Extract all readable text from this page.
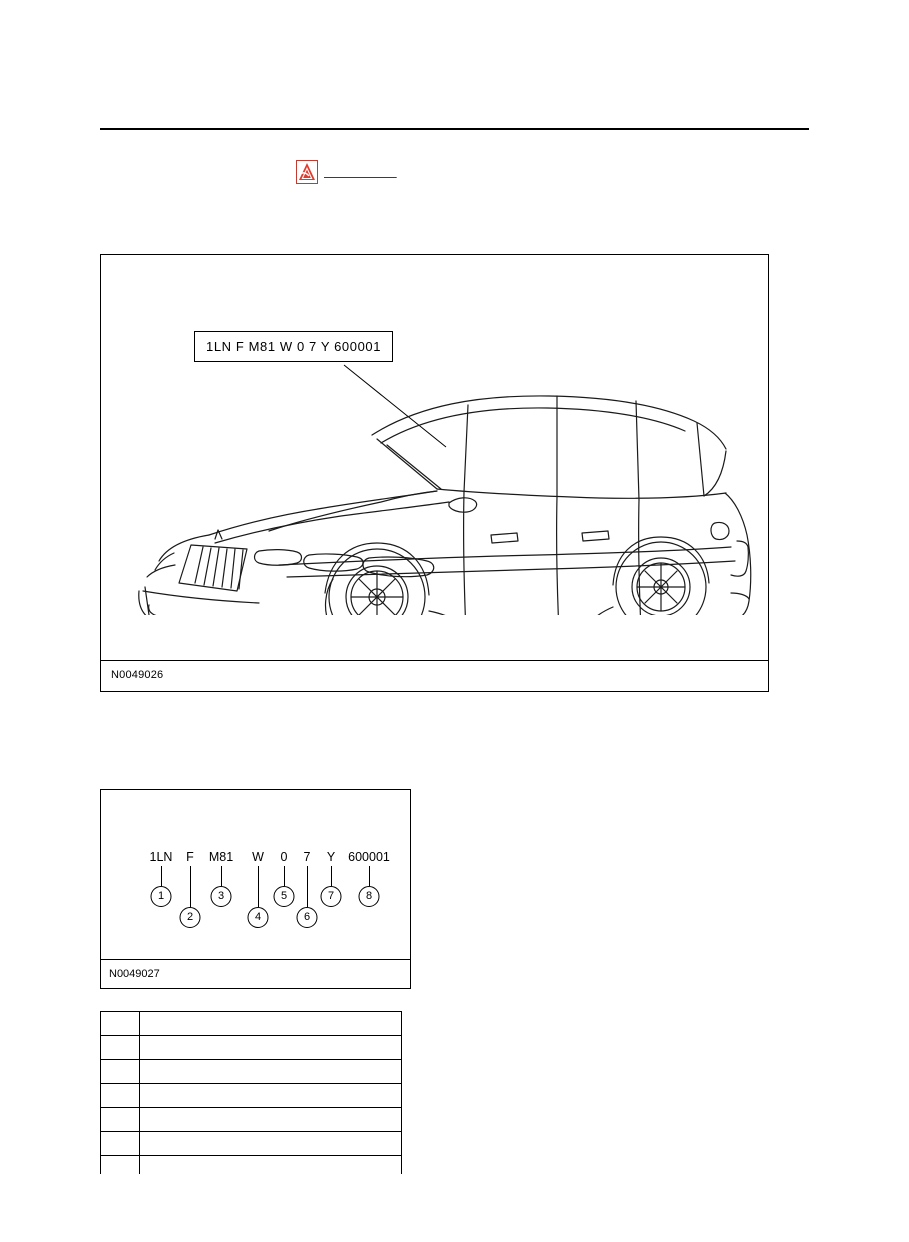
1LN F M81 W 0 7 Y 600001
N0049026
1LN F M81 W 0 7 Y 600001
1
2
3
4
5
6
7	8
N0049027
